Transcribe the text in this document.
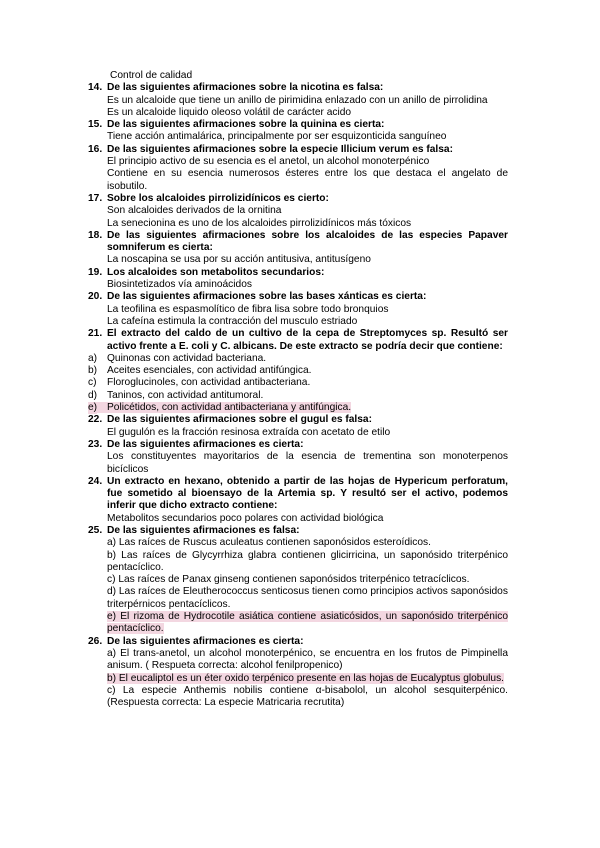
Control de calidad
14. De las siguientes afirmaciones sobre la nicotina es falsa:
Es un alcaloide que tiene un anillo de pirimidina enlazado con un anillo de pirrolidina
Es un alcaloide liquido oleoso volátil de carácter acido
15. De las siguientes afirmaciones sobre la quinina es cierta:
Tiene acción antimalárica, principalmente por ser esquizonticida sanguíneo
16. De las siguientes afirmaciones sobre la especie Illicium verum es falsa:
El principio activo de su esencia es el anetol, un alcohol monoterpénico
Contiene en su esencia numerosos ésteres entre los que destaca el angelato de isobutilo.
17. Sobre los alcaloides pirrolizidínicos es cierto:
Son alcaloides derivados de la ornitina
La senecionina es uno de los alcaloides pirrolizidínicos más tóxicos
18. De las siguientes afirmaciones sobre los alcaloides de las especies Papaver somniferum es cierta:
La noscapina se usa por su acción antitusiva, antitusígeno
19. Los alcaloides son metabolitos secundarios:
Biosintetizados vía aminoácidos
20. De las siguientes afirmaciones sobre las bases xánticas es cierta:
La teofilina es espasmolítico de fibra lisa sobre todo bronquios
La cafeína estimula la contracción del musculo estriado
21. El extracto del caldo de un cultivo de la cepa de Streptomyces sp. Resultó ser activo frente a E. coli y C. albicans. De este extracto se podría decir que contiene:
a) Quinonas con actividad bacteriana.
b) Aceites esenciales, con actividad antifúngica.
c) Floroglucinoles, con actividad antibacteriana.
d) Taninos, con actividad antitumoral.
e) Policétidos, con actividad antibacteriana y antifúngica.
22. De las siguientes afirmaciones sobre el gugul es falsa:
El gugulón es la fracción resinosa extraída con acetato de etilo
23. De las siguientes afirmaciones es cierta:
Los constituyentes mayoritarios de la esencia de trementina son monoterpenos bicíclicos
24. Un extracto en hexano, obtenido a partir de las hojas de Hypericum perforatum, fue sometido al bioensayo de la Artemia sp. Y resultó ser el activo, podemos inferir que dicho extracto contiene:
Metabolitos secundarios poco polares con actividad biológica
25. De las siguientes afirmaciones es falsa:
a) Las raíces de Ruscus aculeatus contienen saponósidos esteroídicos.
b) Las raíces de Glycyrrhiza glabra contienen glicirricina, un saponósido triterpénico pentacíclico.
c) Las raíces de Panax ginseng contienen saponósidos triterpénico tetracíclicos.
d) Las raíces de Eleutherococcus senticosus tienen como principios activos saponósidos
triterpérnicos pentacíclicos.
e) El rizoma de Hydrocotile asiática contiene asiaticósidos, un saponósido triterpénico pentacíclico.
26. De las siguientes afirmaciones es cierta:
a) El trans-anetol, un alcohol monoterpénico, se encuentra en los frutos de Pimpinella anisum. ( Respueta correcta: alcohol fenilpropenico)
b) El eucaliptol es un éter oxido terpénico presente en las hojas de Eucalyptus globulus.
c) La especie Anthemis nobilis contiene α-bisabolol, un alcohol sesquiterpénico. (Respuesta correcta: La especie Matricaria recrutita)
